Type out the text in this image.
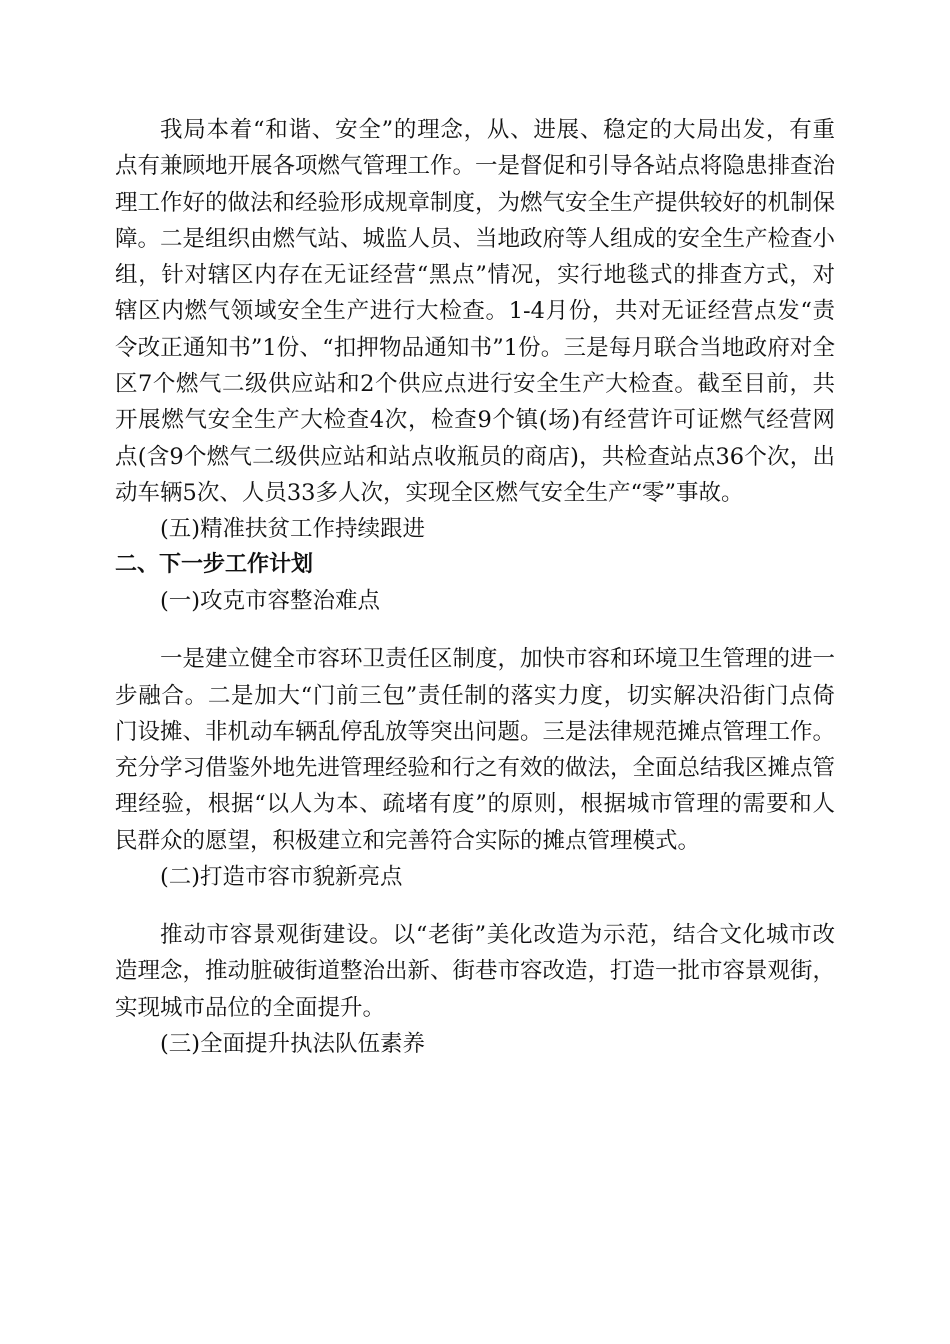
我局本着“和谐、安全”的理念，从、进展、稳定的大局出发，有重点有兼顾地开展各项燃气管理工作。一是督促和引导各站点将隐患排查治理工作好的做法和经验形成规章制度，为燃气安全生产提供较好的机制保障。二是组织由燃气站、城监人员、当地政府等人组成的安全生产检查小组，针对辖区内存在无证经营“黑点”情况，实行地毯式的排查方式，对辖区内燃气领域安全生产进行大检查。1-4月份，共对无证经营点发“责令改正通知书”1份、“扣押物品通知书”1份。三是每月联合当地政府对全区7个燃气二级供应站和2个供应点进行安全生产大检查。截至目前，共开展燃气安全生产大检查4次，检查9个镇(场)有经营许可证燃气经营网点(含9个燃气二级供应站和站点收瓶员的商店)，共检查站点36个次，出动车辆5次、人员33多人次，实现全区燃气安全生产“零”事故。

(五)精准扶贫工作持续跟进

二、下一步工作计划

(一)攻克市容整治难点

一是建立健全市容环卫责任区制度，加快市容和环境卫生管理的进一步融合。二是加大“门前三包”责任制的落实力度，切实解决沿街门点倚门设摊、非机动车辆乱停乱放等突出问题。三是法律规范摊点管理工作。充分学习借鉴外地先进管理经验和行之有效的做法，全面总结我区摊点管理经验，根据“以人为本、疏堵有度”的原则，根据城市管理的需要和人民群众的愿望，积极建立和完善符合实际的摊点管理模式。

(二)打造市容市貌新亮点

推动市容景观街建设。以“老街”美化改造为示范，结合文化城市改造理念，推动脏破街道整治出新、街巷市容改造，打造一批市容景观街，实现城市品位的全面提升。

(三)全面提升执法队伍素养
